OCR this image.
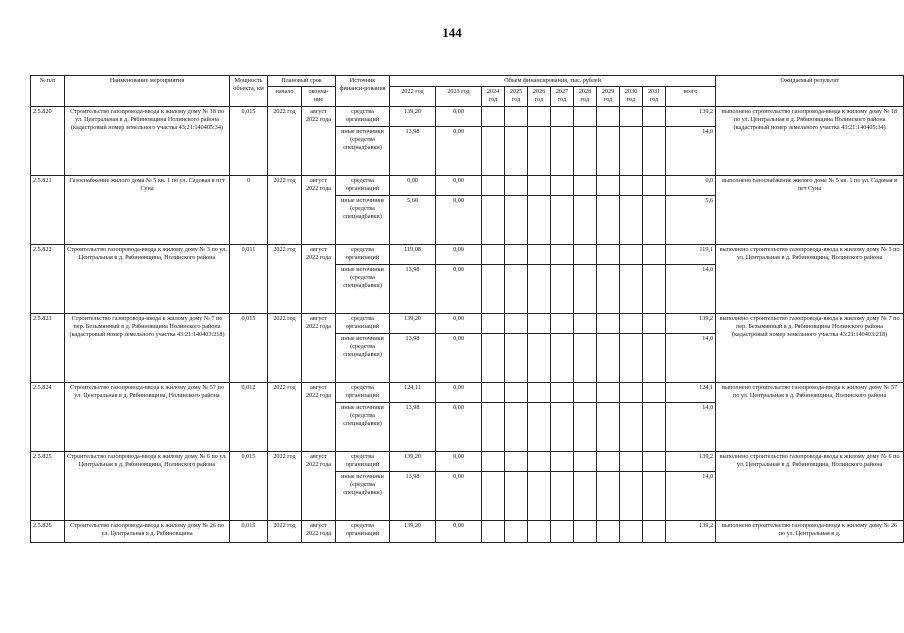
144
№ п/п	Наименование мероприятия	Мощность объекта, км	Плановый срок		Источник финанси-рования	Объем финансирования, тыс. рублей											Ожидаемый результат
			начало	оконча-ние		2022 год	2023 год	2024 год	2025 год	2026 год	2027 год	2028 год	2029 год	2030 год	2031 год	всего	

2.5.820	Строительство газопровода-ввода к жилому дому № 18 по ул. Центральная в д. Рябиновщина Нолинского района (кадастровый номер земельного участка 43:21:140405:34)	0,015	2022 год	август 2022 года	средства организаций	139,20	0,00									139,2	выполнено строительство газопровода-ввода к жилому дому № 18 по ул. Центральная в д. Рябиновщина Нолинского района (кадастровый номер земельного участка 43:21:140405:34)
					иные источники (средства спецнадбавки)	13,98	0,00									14,0	
2.5.821	Газоснабжение жилого дома № 5 кв. 1 по ул. Садовая в пгт Суна	0	2022 год	август 2022 года	средства организаций	0,00	0,00									0,0	выполнено газоснабжение жилого дома № 5 кв. 1 по ул. Садовая в пгт Суна
					иные источники (средства спецнадбавки)	5,60	0,00									5,6	
2.5.822	Строительство газопровода-ввода к жилому дому № 3 по ул. Центральная в д. Рябиновщина, Нолинского района	0,011	2022 год	август 2022 года	средства организаций	119,08	0,00									119,1	выполнено строительство газопровода-ввода к жилому дому № 3 по ул. Центральная в д. Рябиновщина, Нолинского района
					иные источники (средства спецнадбавки)	13,98	0,00									14,0	
2.5.823	Строительство газопровода-ввода к жилому дому № 7 по пер. Безымянный в д. Рябиновщина Нолинского района (кадастровый номер земельного участка 43:21:140403:218)	0,015	2022 год	август 2022 года	средства организаций	139,20	0,00									139,2	выполнено строительство газопровода-ввода к жилому дому № 7 по пер. Безымянный в д. Рябиновщина Нолинского района (кадастровый номер земельного участка 43:21:140403:218)
					иные источники (средства спецнадбавки)	13,98	0,00									14,0	
2.5.824	Строительство газопровода-ввода к жилому дому № 57 по ул. Центральная в д. Рябиновщина, Нолинского района	0,012	2022 год	август 2022 года	средства организаций	124,11	0,00									124,1	выполнено строительство газопровода-ввода к жилому дому № 57 по ул. Центральная в д. Рябиновщина, Нолинского района
					иные источники (средства спецнадбавки)	13,98	0,00									14,0	
2.5.825	Строительство газопровода-ввода к жилому дому № 6 по ул. Центральная в д. Рябиновщина, Нолинского района	0,015	2022 год	август 2022 года	средства организаций	139,20	0,00									139,2	выполнено строительство газопровода-ввода к жилому дому № 6 по ул. Центральная в д. Рябиновщина, Нолинского района
					иные источники (средства спецнадбавки)	13,98	0,00									14,0	
2.5.826	Строительство газопровода-ввода к жилому дому № 26 по ул. Центральная в д. Рябиновщина	0,015	2022 год	август 2022 года	средства организаций	139,20	0,00									139,2	выполнено строительство газопровода-ввода к жилому дому № 26 по ул. Центральная в д.
